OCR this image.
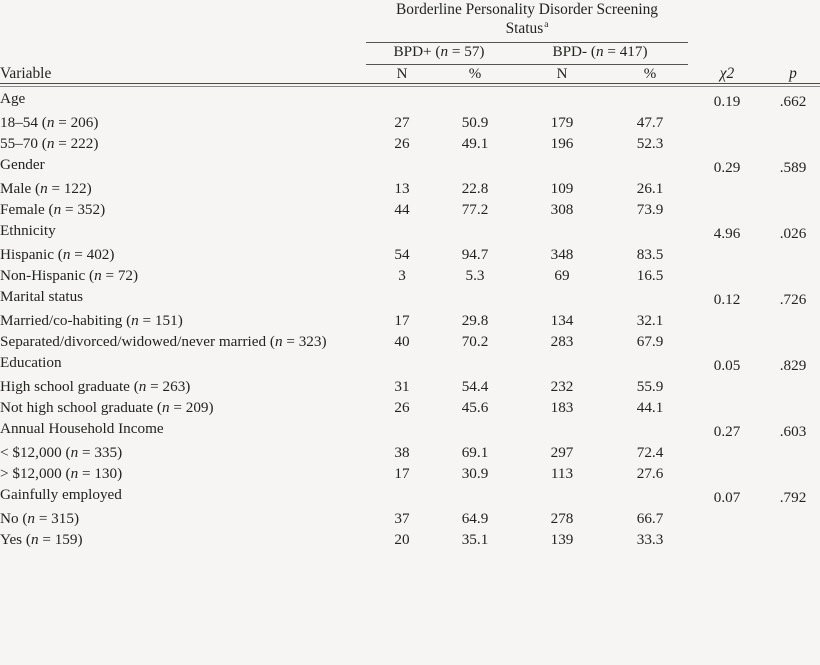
	Borderline Personality Disorder Screening
Status$^a$		

	BPD+ (n = 57)		BPD- (n = 417)			

Variable	N	%	N	%	χ2	p

Age					0.19	.662
18–54 (n = 206)	27	50.9	179	47.7		
55–70 (n = 222)	26	49.1	196	52.3		
Gender					0.29	.589
Male (n = 122)	13	22.8	109	26.1		
Female (n = 352)	44	77.2	308	73.9		
Ethnicity					4.96	.026
Hispanic (n = 402)	54	94.7	348	83.5		
Non-Hispanic (n = 72)	3	5.3	69	16.5		
Marital status					0.12	.726
Married/co-habiting (n = 151)	17	29.8	134	32.1		
Separated/divorced/widowed/never married (n = 323)	40	70.2	283	67.9		
Education					0.05	.829
High school graduate (n = 263)	31	54.4	232	55.9		
Not high school graduate (n = 209)	26	45.6	183	44.1		
Annual Household Income					0.27	.603
< $12,000 (n = 335)	38	69.1	297	72.4		
> $12,000 (n = 130)	17	30.9	113	27.6		
Gainfully employed					0.07	.792
No (n = 315)	37	64.9	278	66.7		
Yes (n = 159)	20	35.1	139	33.3		
